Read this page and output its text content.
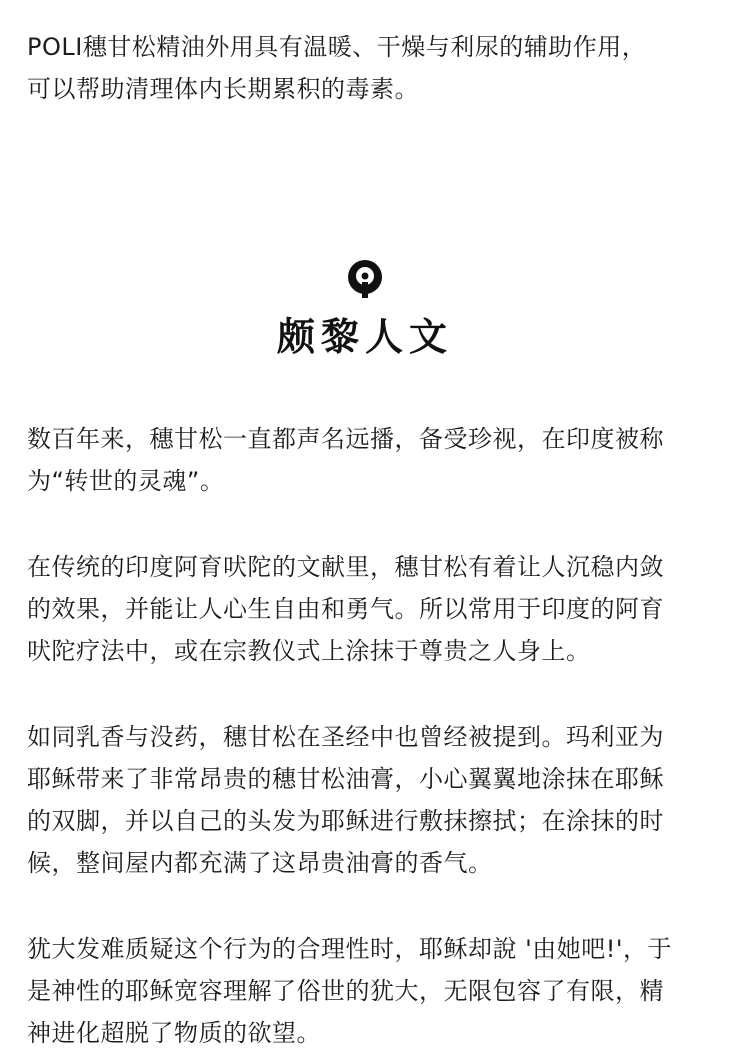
POLI穗甘松精油外用具有温暖、干燥与利尿的辅助作用，
可以帮助清理体内长期累积的毒素。
颇黎人文
数百年来，穗甘松一直都声名远播，备受珍视，在印度被称
为“转世的灵魂”。
在传统的印度阿育吠陀的文献里，穗甘松有着让人沉稳内敛
的效果，并能让人心生自由和勇气。所以常用于印度的阿育
吠陀疗法中，或在宗教仪式上涂抹于尊贵之人身上。
如同乳香与没药，穗甘松在圣经中也曾经被提到。玛利亚为
耶稣带来了非常昂贵的穗甘松油膏，小心翼翼地涂抹在耶稣
的双脚，并以自己的头发为耶稣进行敷抹擦拭；在涂抹的时
候，整间屋内都充满了这昂贵油膏的香气。
犹大发难质疑这个行为的合理性时，耶稣却說 '由她吧!'，于
是神性的耶稣宽容理解了俗世的犹大，无限包容了有限，精
神进化超脱了物质的欲望。
